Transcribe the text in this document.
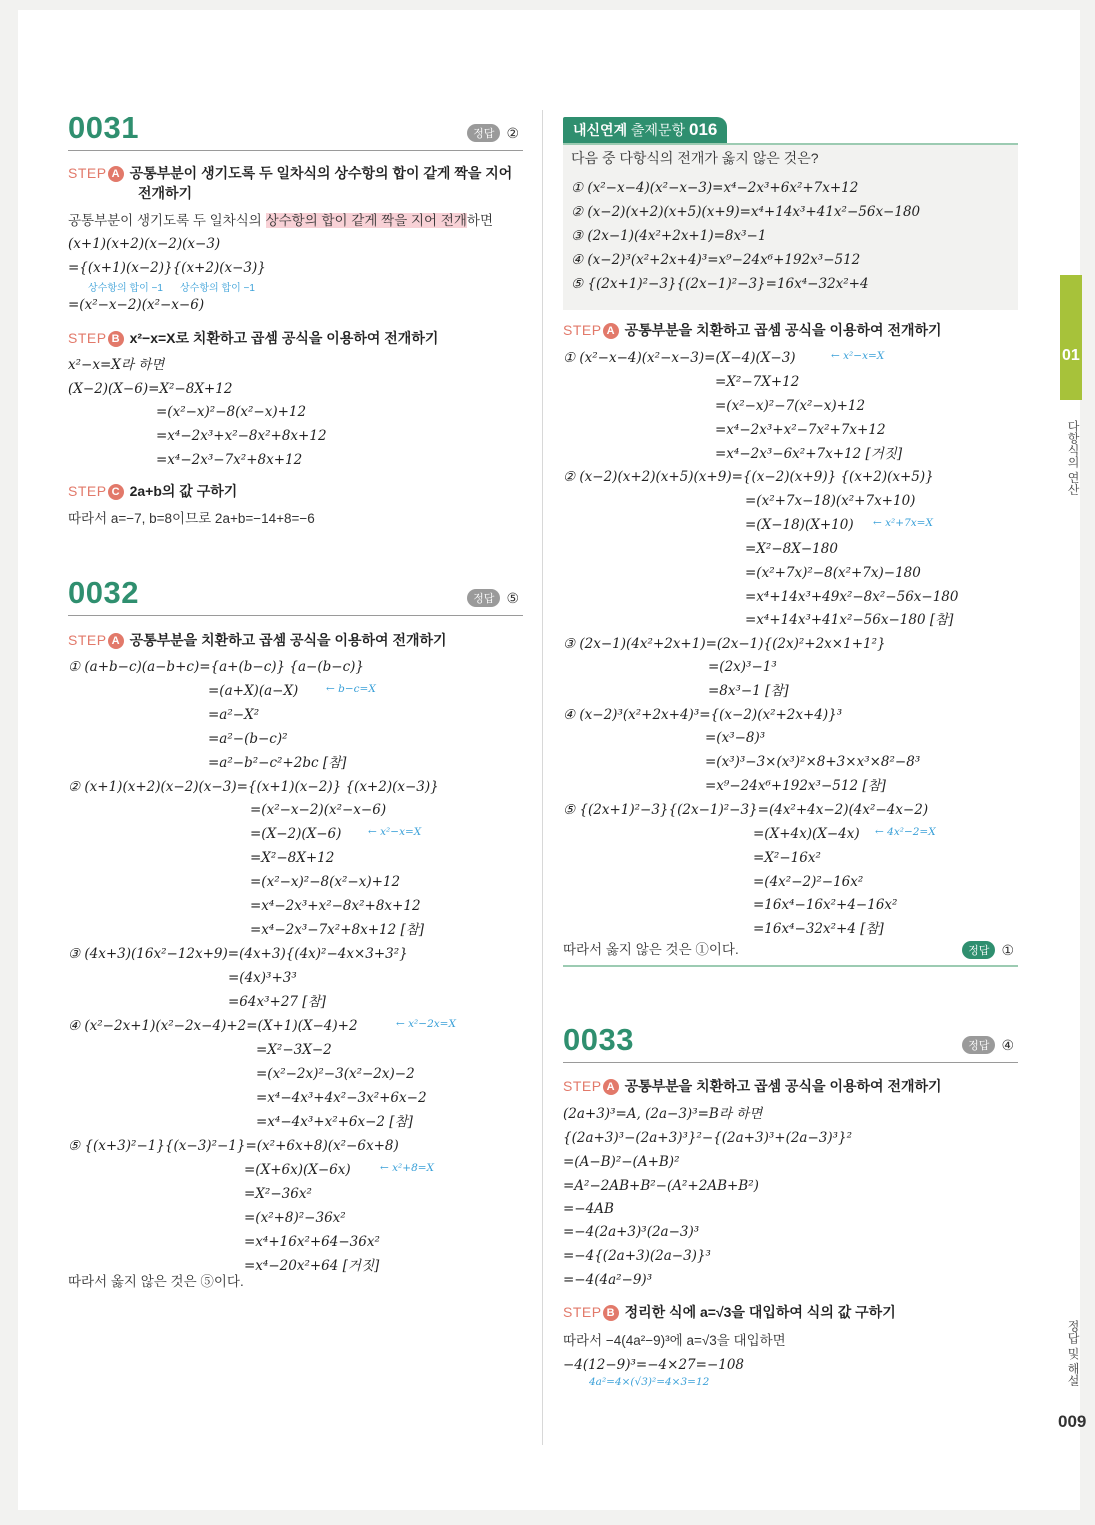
0031	정답 ②
STEP A 공통부분이 생기도록 두 일차식의 상수항의 합이 같게 짝을 지어
전개하기
공통부분이 생기도록 두 일차식의 상수항의 합이 같게 짝을 지어 전개하면
(x+1)(x+2)(x−2)(x−3)
={(x+1)(x−2)}{(x+2)(x−3)}
상수항의 합이 −1 상수항의 합이 −1
=(x²−x−2)(x²−x−6)
STEP B x²−x=X로 치환하고 곱셈 공식을 이용하여 전개하기
x²−x=X라 하면
(X−2)(X−6)=X²−8X+12
=(x²−x)²−8(x²−x)+12
=x⁴−2x³+x²−8x²+8x+12
=x⁴−2x³−7x²+8x+12
STEP C 2a+b의 값 구하기
따라서 a=−7, b=8이므로 2a+b=−14+8=−6
0032	정답 ⑤
STEP A 공통부분을 치환하고 곱셈 공식을 이용하여 전개하기
① (a+b−c)(a−b+c)={a+(b−c)} {a−(b−c)}
=(a+X)(a−X)	← b−c=X
=a²−X²
=a²−(b−c)²
=a²−b²−c²+2bc [참]
② (x+1)(x+2)(x−2)(x−3)={(x+1)(x−2)} {(x+2)(x−3)}
=(x²−x−2)(x²−x−6)
=(X−2)(X−6)	← x²−x=X
=X²−8X+12
=(x²−x)²−8(x²−x)+12
=x⁴−2x³+x²−8x²+8x+12
=x⁴−2x³−7x²+8x+12 [참]
③ (4x+3)(16x²−12x+9)=(4x+3){(4x)²−4x×3+3²}
=(4x)³+3³
=64x³+27 [참]
④ (x²−2x+1)(x²−2x−4)+2=(X+1)(X−4)+2	← x²−2x=X
=X²−3X−2
=(x²−2x)²−3(x²−2x)−2
=x⁴−4x³+4x²−3x²+6x−2
=x⁴−4x³+x²+6x−2 [참]
⑤ {(x+3)²−1}{(x−3)²−1}=(x²+6x+8)(x²−6x+8)
=(X+6x)(X−6x)	← x²+8=X
=X²−36x²
=(x²+8)²−36x²
=x⁴+16x²+64−36x²
=x⁴−20x²+64 [거짓]
따라서 옳지 않은 것은 ⑤이다.
내신연계 출제문항 016
다음 중 다항식의 전개가 옳지 않은 것은?
① (x²−x−4)(x²−x−3)=x⁴−2x³+6x²+7x+12
② (x−2)(x+2)(x+5)(x+9)=x⁴+14x³+41x²−56x−180
③ (2x−1)(4x²+2x+1)=8x³−1
④ (x−2)³(x²+2x+4)³=x⁹−24x⁶+192x³−512
⑤ {(2x+1)²−3}{(2x−1)²−3}=16x⁴−32x²+4
STEP A 공통부분을 치환하고 곱셈 공식을 이용하여 전개하기
① (x²−x−4)(x²−x−3)=(X−4)(X−3)	← x²−x=X
=X²−7X+12
=(x²−x)²−7(x²−x)+12
=x⁴−2x³+x²−7x²+7x+12
=x⁴−2x³−6x²+7x+12 [거짓]
② (x−2)(x+2)(x+5)(x+9)={(x−2)(x+9)} {(x+2)(x+5)}
=(x²+7x−18)(x²+7x+10)
=(X−18)(X+10) ← x²+7x=X
=X²−8X−180
=(x²+7x)²−8(x²+7x)−180
=x⁴+14x³+49x²−8x²−56x−180
=x⁴+14x³+41x²−56x−180 [참]
③ (2x−1)(4x²+2x+1)=(2x−1){(2x)²+2x×1+1²}
=(2x)³−1³
=8x³−1 [참]
④ (x−2)³(x²+2x+4)³={(x−2)(x²+2x+4)}³
=(x³−8)³
=(x³)³−3×(x³)²×8+3×x³×8²−8³
=x⁹−24x⁶+192x³−512 [참]
⑤ {(2x+1)²−3}{(2x−1)²−3}=(4x²+4x−2)(4x²−4x−2)
=(X+4x)(X−4x) ← 4x²−2=X
=X²−16x²
=(4x²−2)²−16x²
=16x⁴−16x²+4−16x²
=16x⁴−32x²+4 [참]
따라서 옳지 않은 것은 ①이다.	정답 ①
0033	정답 ④
STEP A 공통부분을 치환하고 곱셈 공식을 이용하여 전개하기
(2a+3)³=A, (2a−3)³=B라 하면
{(2a+3)³−(2a+3)³}²−{(2a+3)³+(2a−3)³}²
=(A−B)²−(A+B)²
=A²−2AB+B²−(A²+2AB+B²)
=−4AB
=−4(2a+3)³(2a−3)³
=−4{(2a+3)(2a−3)}³
=−4(4a²−9)³
STEP B 정리한 식에 a=√3을 대입하여 식의 값 구하기
따라서 −4(4a²−9)³에 a=√3을 대입하면
−4(12−9)³=−4×27=−108
4a²=4×(√3)²=4×3=12
01
다항식의 연산
정답 및 해설
009
